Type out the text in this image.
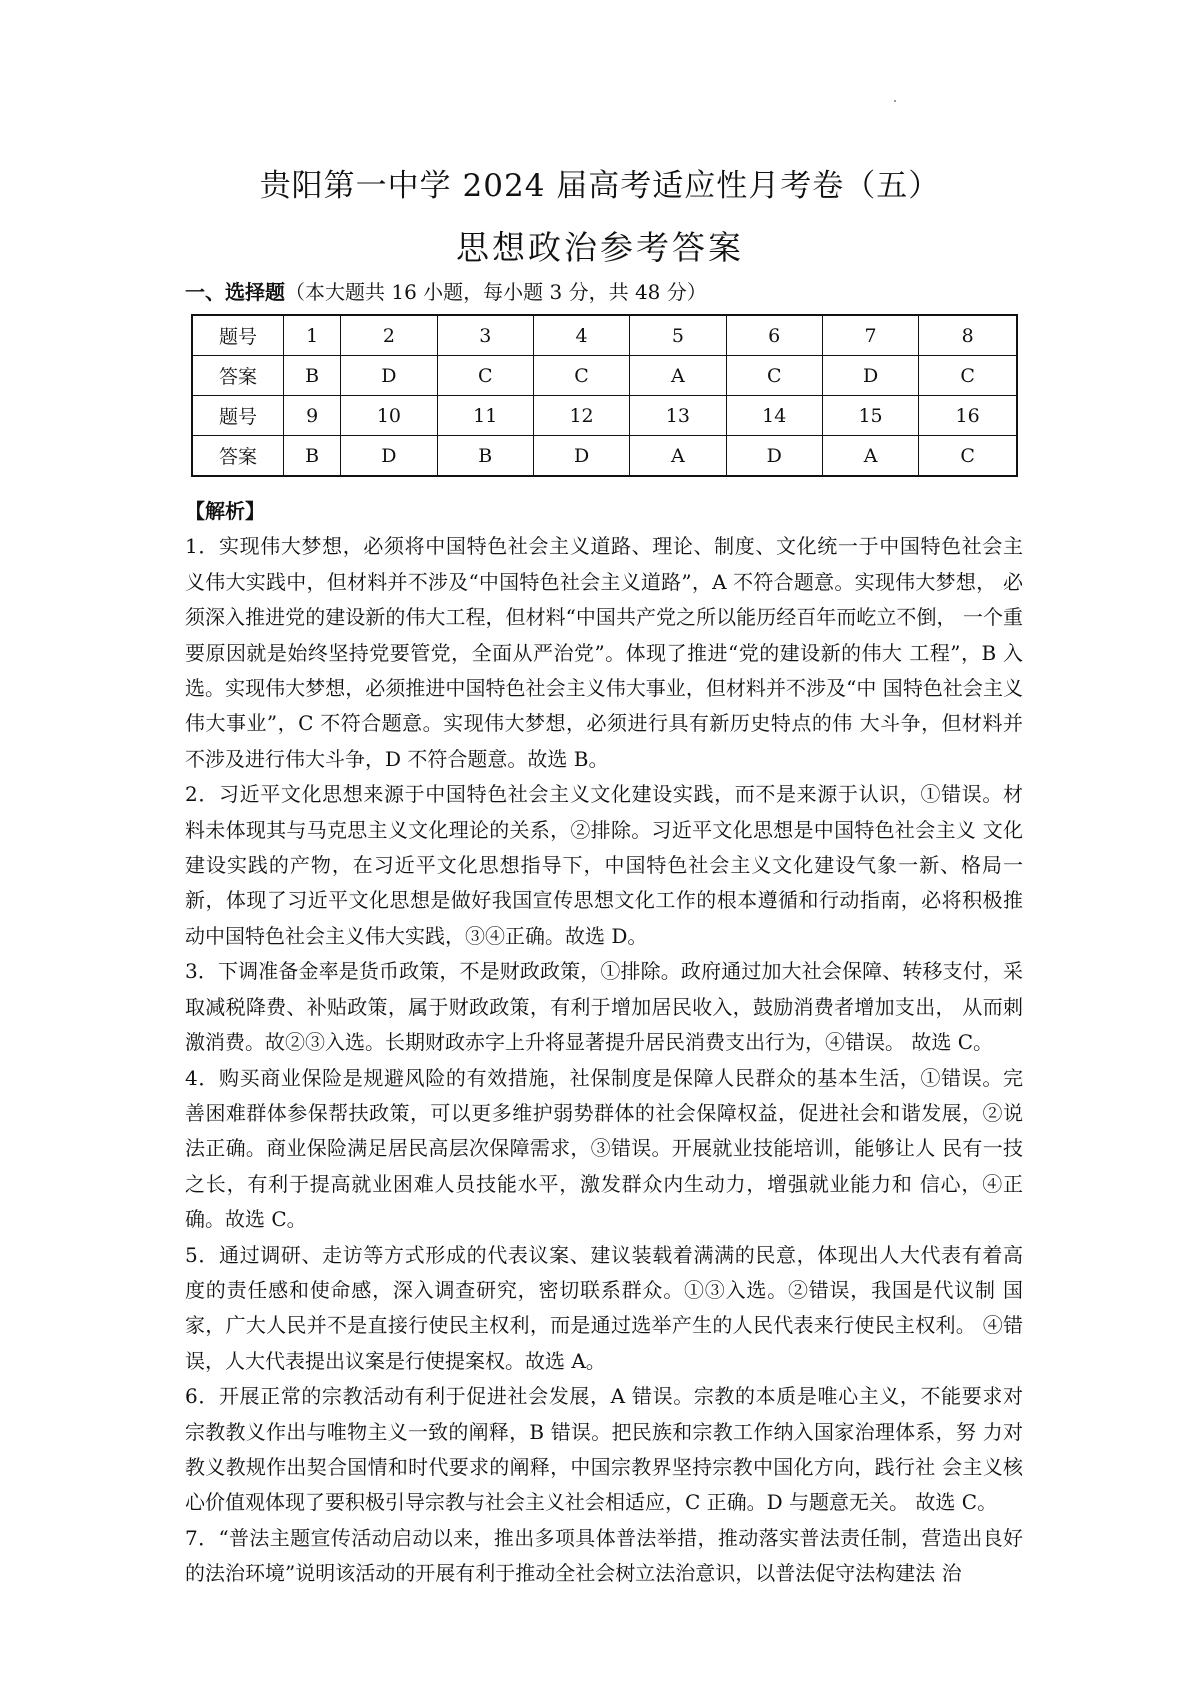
贵阳第一中学 2024 届高考适应性月考卷（五）
思想政治参考答案
一、选择题（本大题共 16 小题，每小题 3 分，共 48 分）
题号	1	2	3	4	5	6	7	8
答案	B	D	C	C	A	C	D	C
题号	9	10	11	12	13	14	15	16
答案	B	D	B	D	A	D	A	C

【解析】

1．实现伟大梦想，必须将中国特色社会主义道路、理论、制度、文化统一于中国特色社会主 义伟大实践中，但材料并不涉及“中国特色社会主义道路”，A 不符合题意。实现伟大梦想， 必须深入推进党的建设新的伟大工程，但材料“中国共产党之所以能历经百年而屹立不倒， 一个重要原因就是始终坚持党要管党，全面从严治党”。体现了推进“党的建设新的伟大 工程”，B 入选。实现伟大梦想，必须推进中国特色社会主义伟大事业，但材料并不涉及“中 国特色社会主义伟大事业”，C 不符合题意。实现伟大梦想，必须进行具有新历史特点的伟 大斗争，但材料并不涉及进行伟大斗争，D 不符合题意。故选 B。

2．习近平文化思想来源于中国特色社会主义文化建设实践，而不是来源于认识，①错误。材 料未体现其与马克思主义文化理论的关系，②排除。习近平文化思想是中国特色社会主义 文化建设实践的产物，在习近平文化思想指导下，中国特色社会主义文化建设气象一新、格局一新，体现了习近平文化思想是做好我国宣传思想文化工作的根本遵循和行动指南，必将积极推动中国特色社会主义伟大实践，③④正确。故选 D。

3．下调准备金率是货币政策，不是财政政策，①排除。政府通过加大社会保障、转移支付，采取减税降费、补贴政策，属于财政政策，有利于增加居民收入，鼓励消费者增加支出， 从而刺激消费。故②③入选。长期财政赤字上升将显著提升居民消费支出行为，④错误。 故选 C。

4．购买商业保险是规避风险的有效措施，社保制度是保障人民群众的基本生活，①错误。完 善困难群体参保帮扶政策，可以更多维护弱势群体的社会保障权益，促进社会和谐发展，②说法正确。商业保险满足居民高层次保障需求，③错误。开展就业技能培训，能够让人 民有一技之长，有利于提高就业困难人员技能水平，激发群众内生动力，增强就业能力和 信心，④正确。故选 C。

5．通过调研、走访等方式形成的代表议案、建议装载着满满的民意，体现出人大代表有着高 度的责任感和使命感，深入调查研究，密切联系群众。①③入选。②错误，我国是代议制 国家，广大人民并不是直接行使民主权利，而是通过选举产生的人民代表来行使民主权利。 ④错误，人大代表提出议案是行使提案权。故选 A。

6．开展正常的宗教活动有利于促进社会发展，A 错误。宗教的本质是唯心主义，不能要求对 宗教教义作出与唯物主义一致的阐释，B 错误。把民族和宗教工作纳入国家治理体系，努 力对教义教规作出契合国情和时代要求的阐释，中国宗教界坚持宗教中国化方向，践行社 会主义核心价值观体现了要积极引导宗教与社会主义社会相适应，C 正确。D 与题意无关。 故选 C。

7．“普法主题宣传活动启动以来，推出多项具体普法举措，推动落实普法责任制，营造出良好的法治环境”说明该活动的开展有利于推动全社会树立法治意识，以普法促守法构建法 治
